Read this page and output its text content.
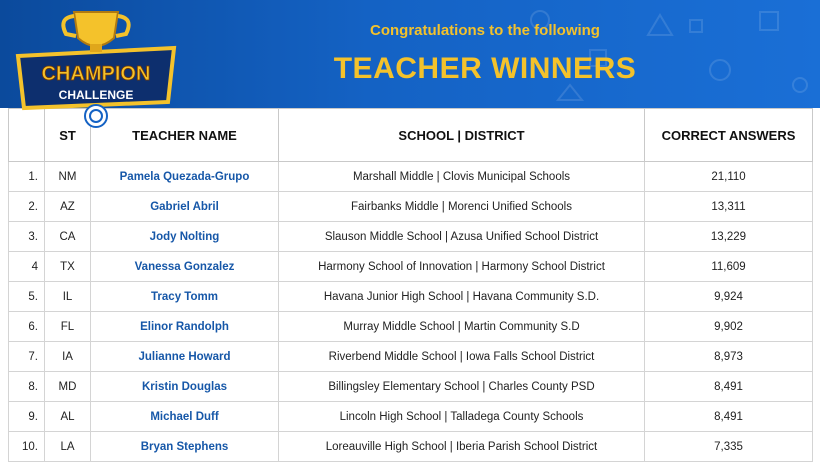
Congratulations to the following
TEACHER WINNERS
CHAMPION
CHALLENGE
	ST	TEACHER NAME	SCHOOL | DISTRICT	CORRECT ANSWERS
1.	NM	Pamela Quezada-Grupo	Marshall Middle | Clovis Municipal Schools	21,110
2.	AZ	Gabriel Abril	Fairbanks Middle | Morenci Unified Schools	13,311
3.	CA	Jody Nolting	Slauson Middle School | Azusa Unified School District	13,229
4	TX	Vanessa Gonzalez	Harmony School of Innovation | Harmony School District	11,609
5.	IL	Tracy Tomm	Havana Junior High School | Havana Community S.D.	9,924
6.	FL	Elinor Randolph	Murray Middle School | Martin Community S.D	9,902
7.	IA	Julianne Howard	Riverbend Middle School | Iowa Falls School District	8,973
8.	MD	Kristin Douglas	Billingsley Elementary School | Charles County PSD	8,491
9.	AL	Michael Duff	Lincoln High School | Talladega County Schools	8,491
10.	LA	Bryan Stephens	Loreauville High School | Iberia Parish School District	7,335
